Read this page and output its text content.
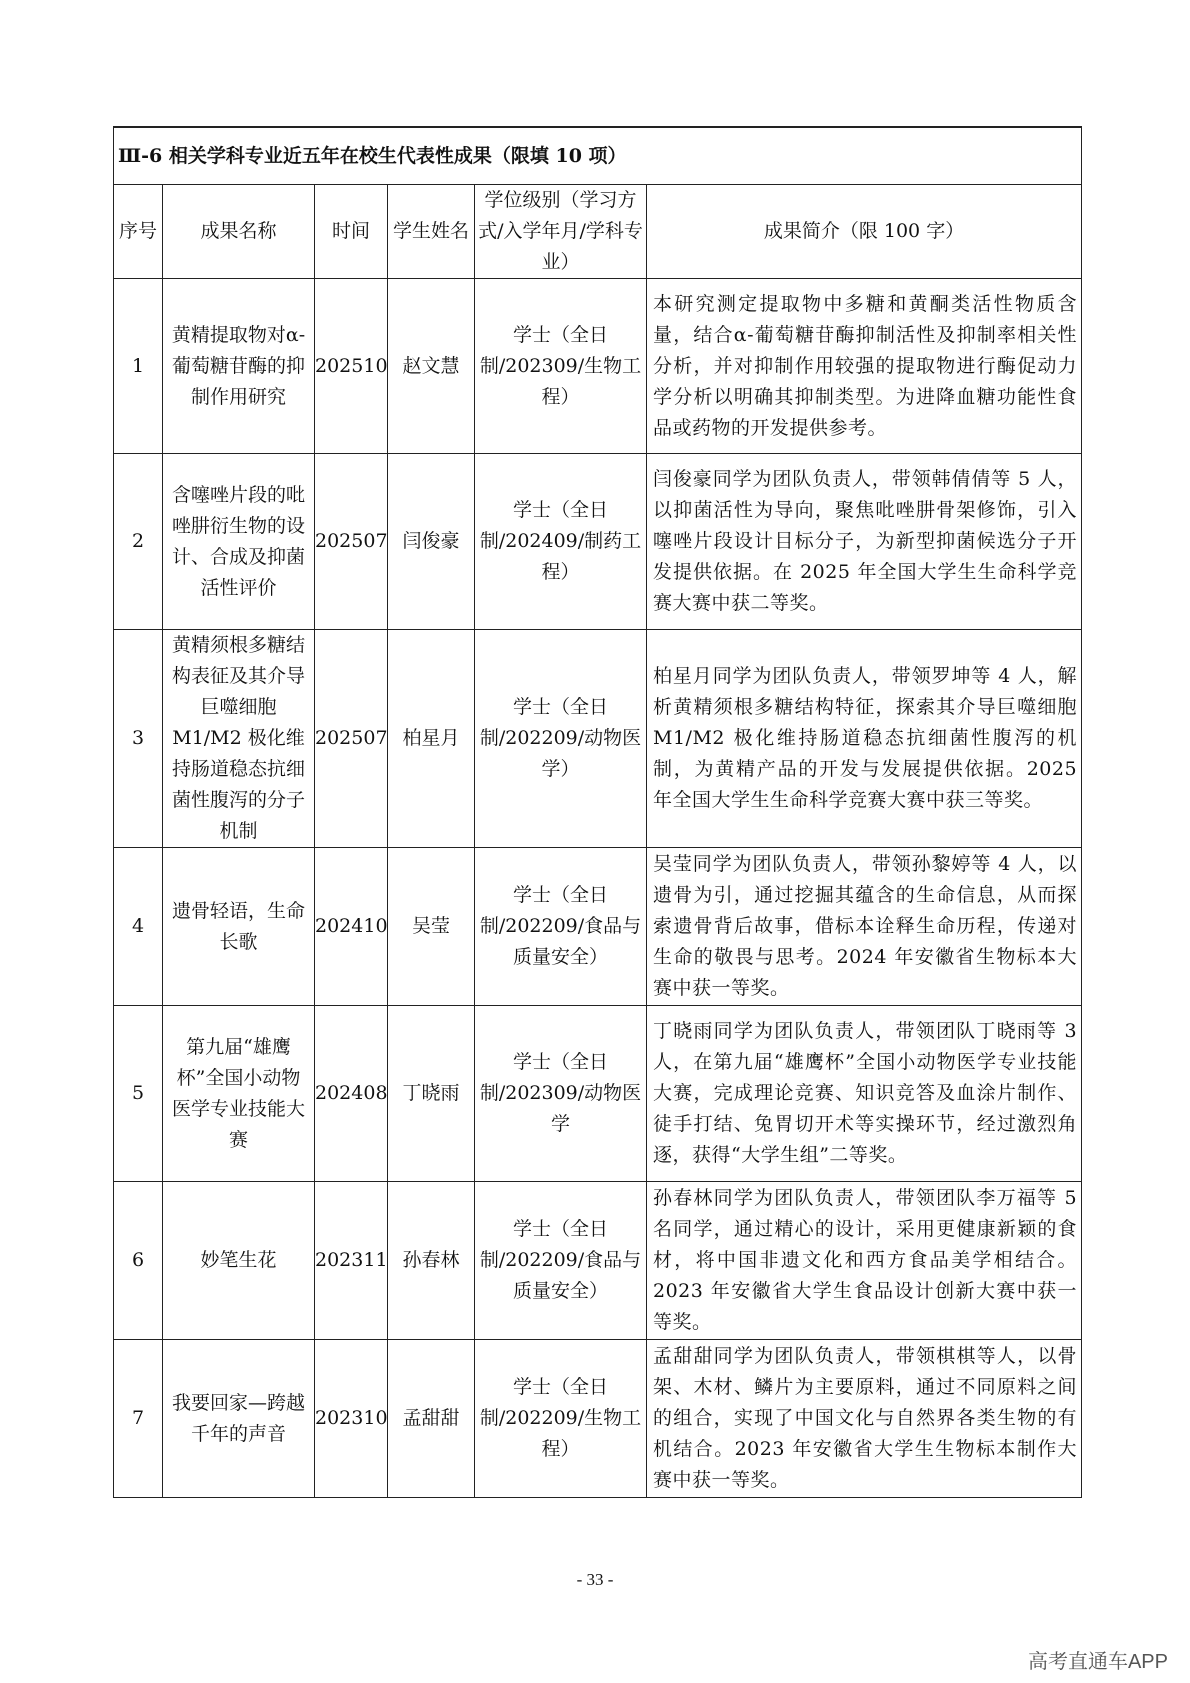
Ⅲ-6 相关学科专业近五年在校生代表性成果（限填 10 项）					
序号	成果名称	时间	学生姓名	学位级别（学习方式/入学年月/学科专业）	成果简介（限 100 字）
1	黄精提取物对α-葡萄糖苷酶的抑制作用研究	202510	赵文慧	学士（全日制/202309/生物工程）	本研究测定提取物中多糖和黄酮类活性物质含量，结合α-葡萄糖苷酶抑制活性及抑制率相关性分析，并对抑制作用较强的提取物进行酶促动力学分析以明确其抑制类型。为进降血糖功能性食品或药物的开发提供参考。
2	含噻唑片段的吡唑肼衍生物的设计、合成及抑菌活性评价	202507	闫俊豪	学士（全日制/202409/制药工程）	闫俊豪同学为团队负责人，带领韩倩倩等 5 人，以抑菌活性为导向，聚焦吡唑肼骨架修饰，引入噻唑片段设计目标分子，为新型抑菌候选分子开发提供依据。在 2025 年全国大学生生命科学竞赛大赛中获二等奖。
3	黄精须根多糖结构表征及其介导巨噬细胞 M1/M2 极化维持肠道稳态抗细菌性腹泻的分子机制	202507	柏星月	学士（全日制/202209/动物医学）	柏星月同学为团队负责人，带领罗坤等 4 人，解析黄精须根多糖结构特征，探索其介导巨噬细胞 M1/M2 极化维持肠道稳态抗细菌性腹泻的机制，为黄精产品的开发与发展提供依据。2025 年全国大学生生命科学竞赛大赛中获三等奖。
4	遗骨轻语，生命长歌	202410	吴莹	学士（全日制/202209/食品与质量安全）	吴莹同学为团队负责人，带领孙黎婷等 4 人，以遗骨为引，通过挖掘其蕴含的生命信息，从而探索遗骨背后故事，借标本诠释生命历程，传递对生命的敬畏与思考。2024 年安徽省生物标本大赛中获一等奖。
5	第九届“雄鹰杯”全国小动物医学专业技能大赛	202408	丁晓雨	学士（全日制/202309/动物医学	丁晓雨同学为团队负责人，带领团队丁晓雨等 3 人，在第九届“雄鹰杯”全国小动物医学专业技能大赛，完成理论竞赛、知识竞答及血涂片制作、徒手打结、兔胃切开术等实操环节，经过激烈角逐，获得“大学生组”二等奖。
6	妙笔生花	202311	孙春林	学士（全日制/202209/食品与质量安全）	孙春林同学为团队负责人，带领团队李万福等 5 名同学，通过精心的设计，采用更健康新颖的食材，将中国非遗文化和西方食品美学相结合。2023 年安徽省大学生食品设计创新大赛中获一等奖。
7	我要回家—跨越千年的声音	202310	孟甜甜	学士（全日制/202209/生物工程）	孟甜甜同学为团队负责人，带领棋棋等人，以骨架、木材、鳞片为主要原料，通过不同原料之间的组合，实现了中国文化与自然界各类生物的有机结合。2023 年安徽省大学生生物标本制作大赛中获一等奖。
- 33 -
高考直通车APP
